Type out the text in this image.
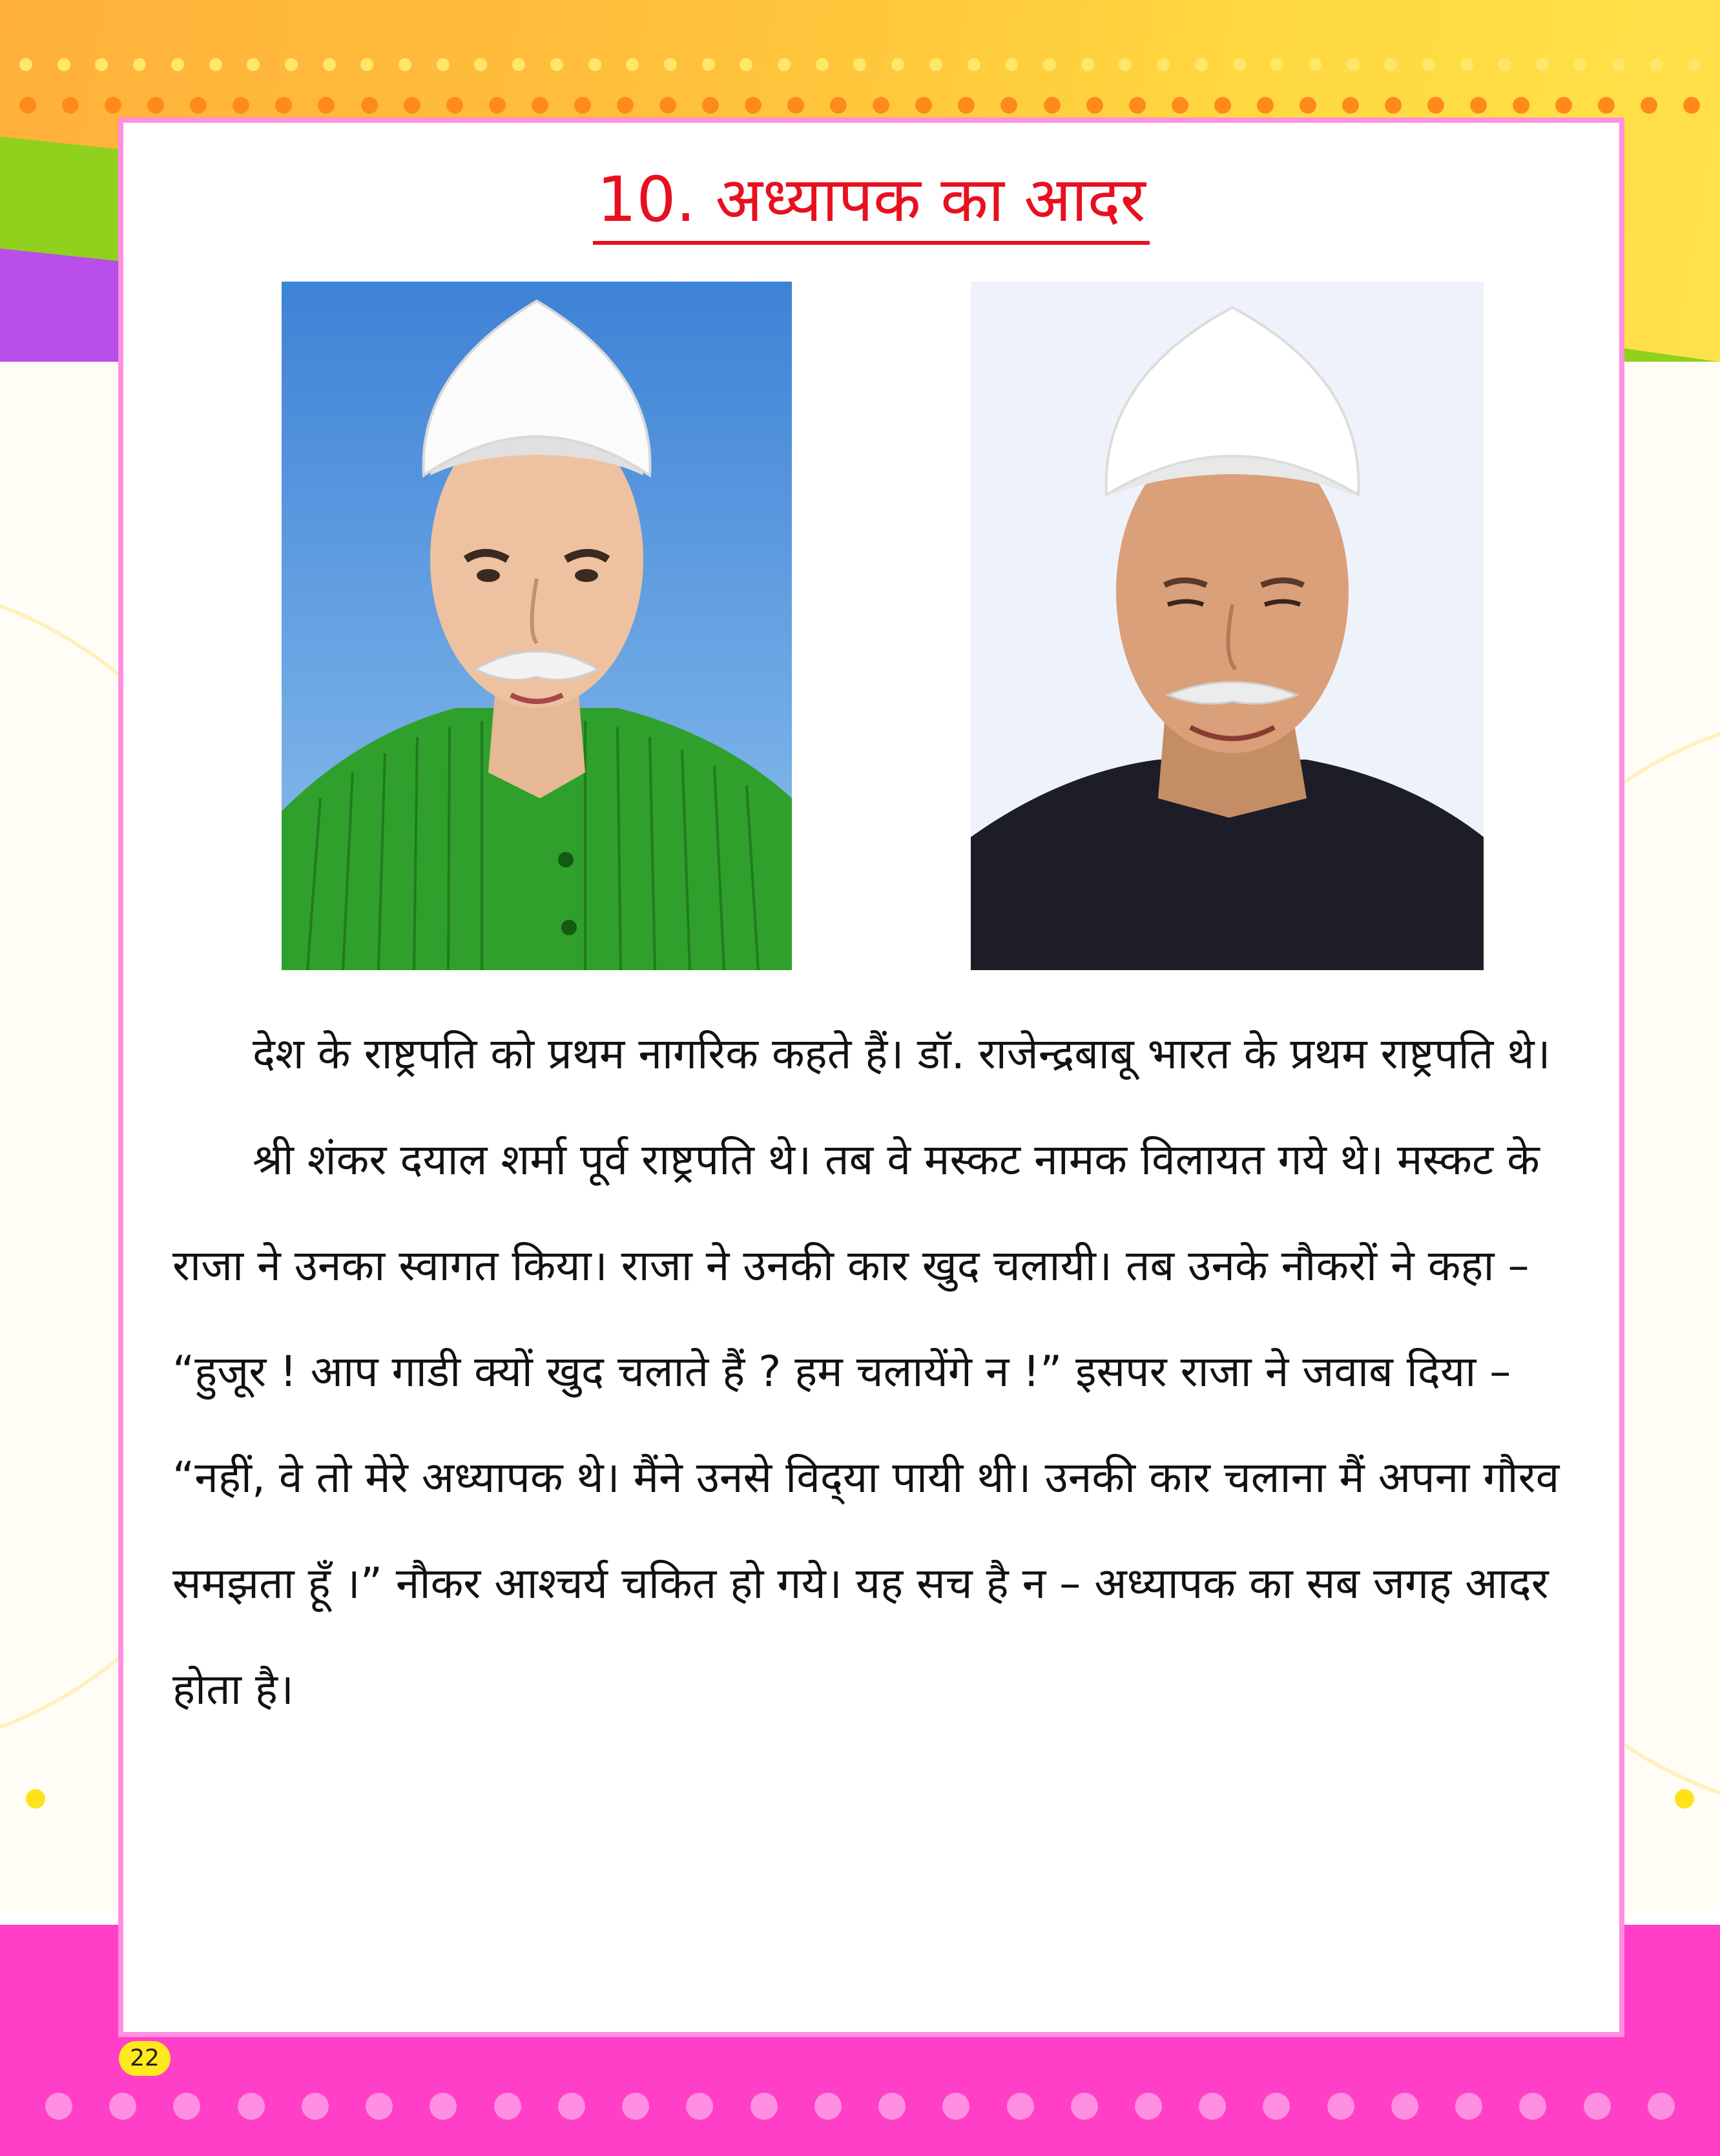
10. अध्यापक का आदर

देश के राष्ट्रपति को प्रथम नागरिक कहते हैं। डॉ. राजेन्द्रबाबू भारत के प्रथम राष्ट्रपति थे।

श्री शंकर दयाल शर्मा पूर्व राष्ट्रपति थे। तब वे मस्कट नामक विलायत गये थे। मस्कट के राजा ने उनका स्वागत किया। राजा ने उनकी कार खुद चलायी। तब उनके नौकरों ने कहा – “हुजूर ! आप गाडी क्यों खुद चलाते हैं ? हम चलायेंगे न !” इसपर राजा ने जवाब दिया – “नहीं, वे तो मेरे अध्यापक थे। मैंने उनसे विद्‌या पायी थी। उनकी कार चलाना मैं अपना गौरव समझता हूँ ।” नौकर आश्चर्य चकित हो गये। यह सच है न – अध्यापक का सब जगह आदर होता है।

22
